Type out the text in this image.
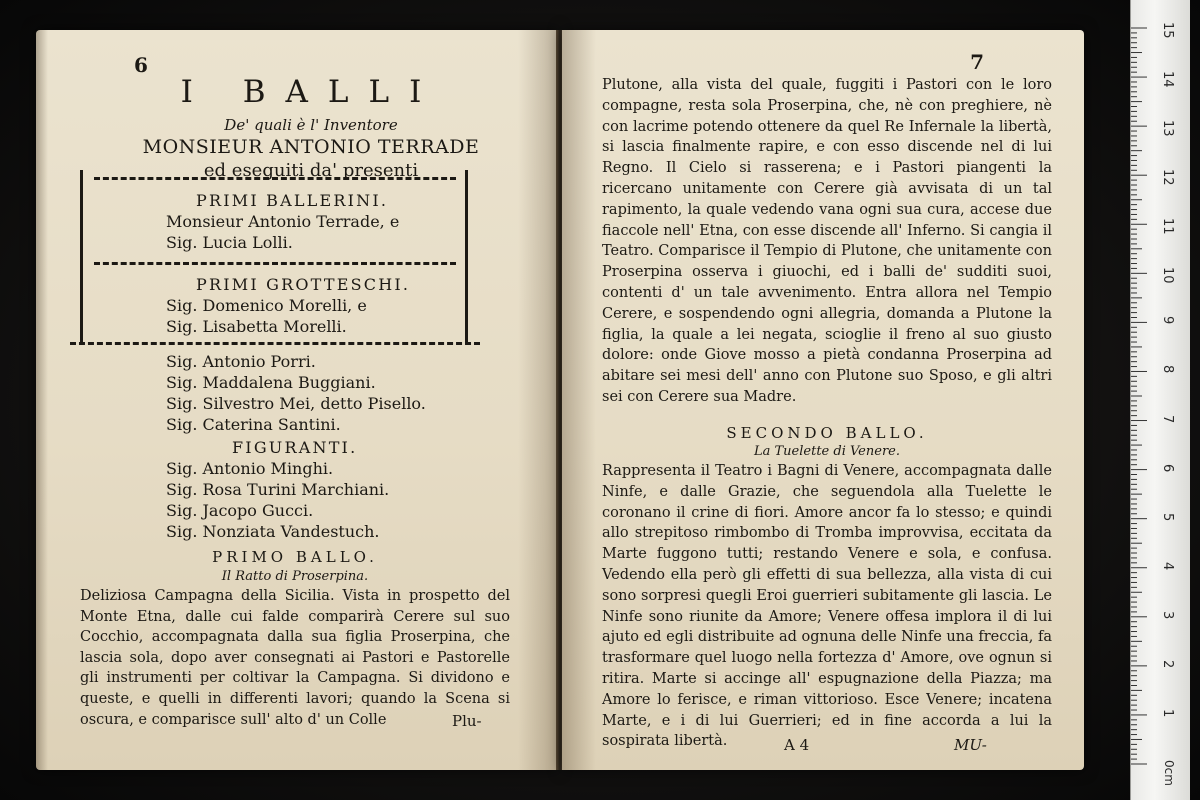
6
I BALLI
De' quali è l' Inventore
MONSIEUR ANTONIO TERRADE
ed eseguiti da' presenti
PRIMI BALLERINI.
Monsieur Antonio Terrade, e
Sig. Lucia Lolli.
PRIMI GROTTESCHI.
Sig. Domenico Morelli, e
Sig. Lisabetta Morelli.
Sig. Antonio Porri.
Sig. Maddalena Buggiani.
Sig. Silvestro Mei, detto Pisello.
Sig. Caterina Santini.
FIGURANTI.
Sig. Antonio Minghi.
Sig. Rosa Turini Marchiani.
Sig. Jacopo Gucci.
Sig. Nonziata Vandestuch.
PRIMO BALLO.
Il Ratto di Proserpina.
Deliziosa Campagna della Sicilia. Vista in prospetto del Monte Etna, dalle cui falde comparirà Cerere sul suo Cocchio, accompagnata dalla sua figlia Proserpina, che lascia sola, dopo aver consegnati ai Pastori e Pastorelle gli instrumenti per coltivar la Campagna. Si dividono e queste, e quelli in differenti lavori; quando la Scena si oscura, e comparisce sull' alto d' un Colle	Plu-
7
Plutone, alla vista del quale, fuggiti i Pastori con le loro compagne, resta sola Proserpina, che, nè con preghiere, nè con lacrime potendo ottenere da quel Re Infernale la libertà, si lascia finalmente rapire, e con esso discende nel di lui Regno. Il Cielo si rasserena; e i Pastori piangenti la ricercano unitamente con Cerere già avvisata di un tal rapimento, la quale vedendo vana ogni sua cura, accese due fiaccole nell' Etna, con esse discende all' Inferno. Si cangia il Teatro. Comparisce il Tempio di Plutone, che unitamente con Proserpina osserva i giuochi, ed i balli de' sudditi suoi, contenti d' un tale avvenimento. Entra allora nel Tempio Cerere, e sospendendo ogni allegria, domanda a Plutone la figlia, la quale a lei negata, scioglie il freno al suo giusto dolore: onde Giove mosso a pietà condanna Proserpina ad abitare sei mesi dell' anno con Plutone suo Sposo, e gli altri sei con Cerere sua Madre.
SECONDO BALLO.
La Tuelette di Venere.
Rappresenta il Teatro i Bagni di Venere, accompagnata dalle Ninfe, e dalle Grazie, che seguendola alla Tuelette le coronano il crine di fiori. Amore ancor fa lo stesso; e quindi allo strepitoso rimbombo di Tromba improvvisa, eccitata da Marte fuggono tutti; restando Venere e sola, e confusa. Vedendo ella però gli effetti di sua bellezza, alla vista di cui sono sorpresi quegli Eroi guerrieri subitamente gli lascia. Le Ninfe sono riunite da Amore; Venere offesa implora il di lui ajuto ed egli distribuite ad ognuna delle Ninfe una freccia, fa trasformare quel luogo nella fortezza d' Amore, ove ognun si ritira. Marte si accinge all' espugnazione della Piazza; ma Amore lo ferisce, e riman vittorioso. Esce Venere; incatena Marte, e i di lui Guerrieri; ed in fine accorda a lui la sospirata libertà.	A 4	MU-
1
2
3
4
5
6
7
8
9
10
11
12
13
14
15
0cm
